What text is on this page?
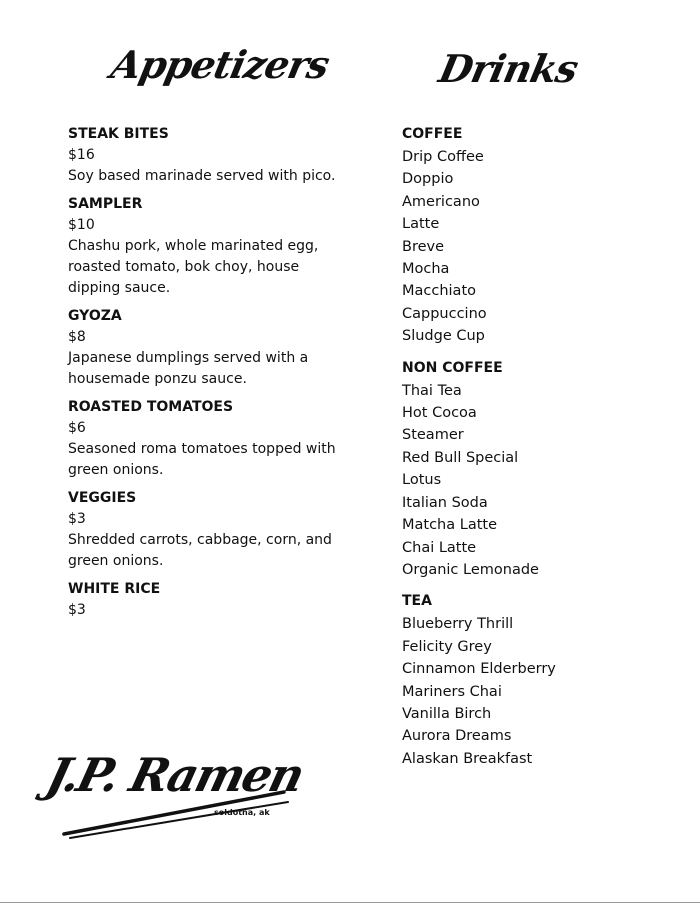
Appetizers	Drinks
STEAK BITES
$16
Soy based marinade served with pico.
SAMPLER
$10
Chashu pork, whole marinated egg, roasted tomato, bok choy, house dipping sauce.
GYOZA
$8
Japanese dumplings served with a housemade ponzu sauce.
ROASTED TOMATOES
$6
Seasoned roma tomatoes topped with green onions.
VEGGIES
$3
Shredded carrots, cabbage, corn, and green onions.
WHITE RICE
$3
COFFEE
Drip Coffee
Doppio
Americano
Latte
Breve
Mocha
Macchiato
Cappuccino
Sludge Cup
NON COFFEE
Thai Tea
Hot Cocoa
Steamer
Red Bull Special
Lotus
Italian Soda
Matcha Latte
Chai Latte
Organic Lemonade
TEA
Blueberry Thrill
Felicity Grey
Cinnamon Elderberry
Mariners Chai
Vanilla Birch
Aurora Dreams
Alaskan Breakfast
J.P. Ramen
soldotna, ak
